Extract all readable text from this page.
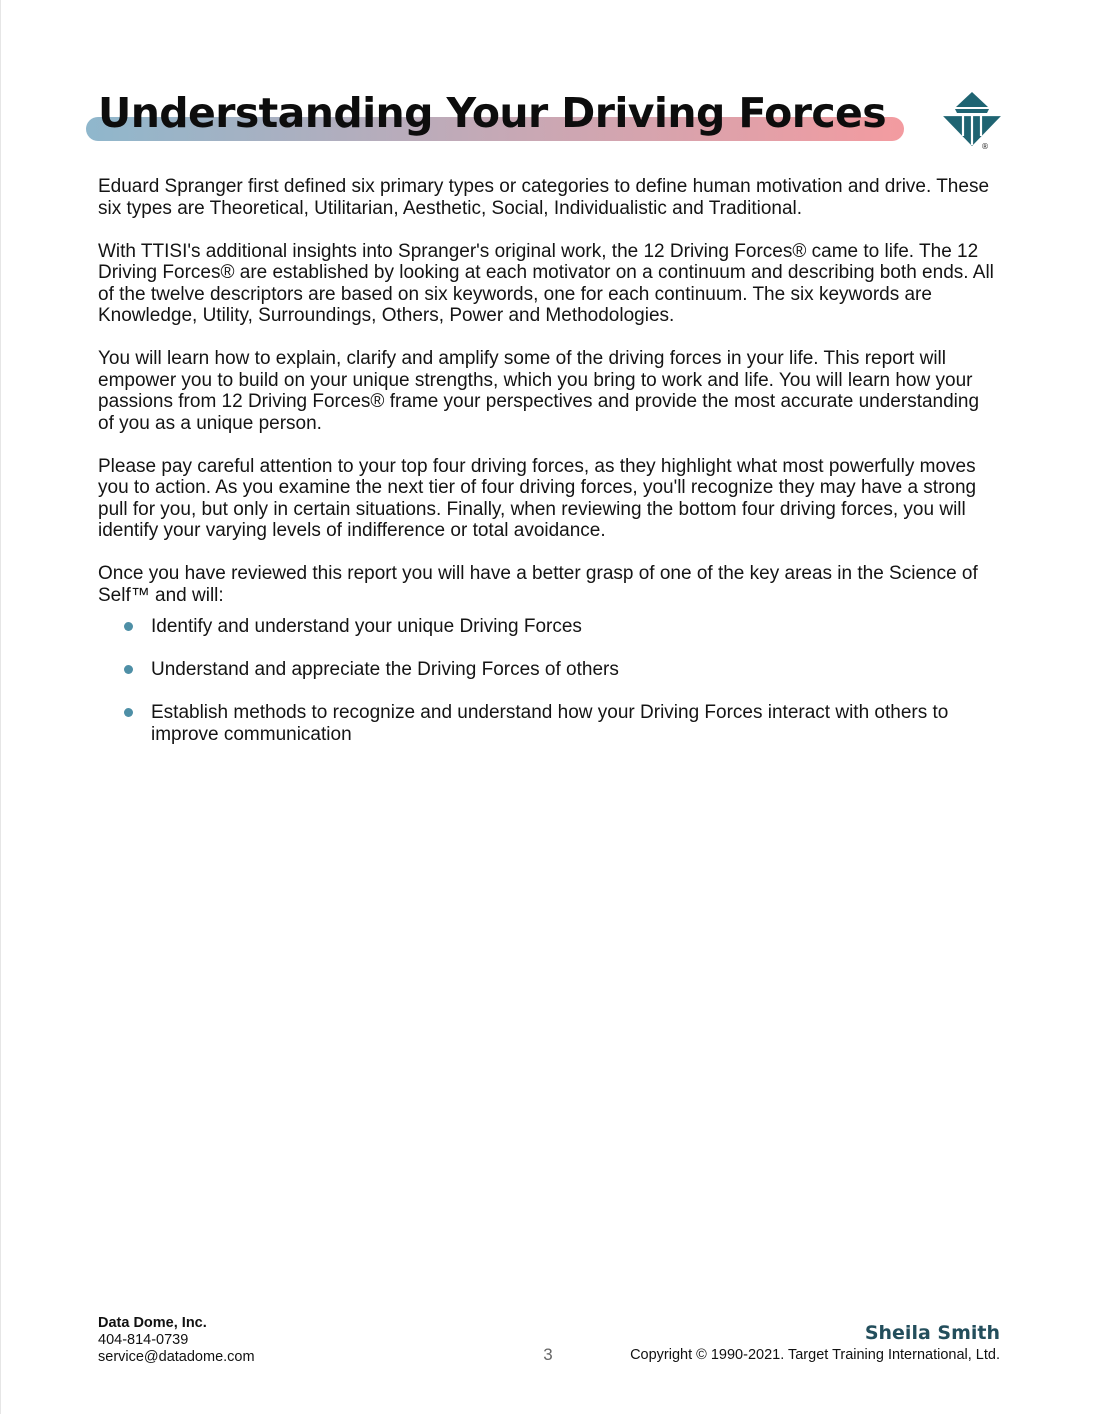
Understanding Your Driving Forces
®

Eduard Spranger first defined six primary types or categories to define human motivation and drive. These six types are Theoretical, Utilitarian, Aesthetic, Social, Individualistic and Traditional.

With TTISI's additional insights into Spranger's original work, the 12 Driving Forces® came to life. The 12 Driving Forces® are established by looking at each motivator on a continuum and describing both ends. All of the twelve descriptors are based on six keywords, one for each continuum. The six keywords are Knowledge, Utility, Surroundings, Others, Power and Methodologies.

You will learn how to explain, clarify and amplify some of the driving forces in your life. This report will empower you to build on your unique strengths, which you bring to work and life. You will learn how your passions from 12 Driving Forces® frame your perspectives and provide the most accurate understanding of you as a unique person.

Please pay careful attention to your top four driving forces, as they highlight what most powerfully moves you to action. As you examine the next tier of four driving forces, you'll recognize they may have a strong pull for you, but only in certain situations. Finally, when reviewing the bottom four driving forces, you will identify your varying levels of indifference or total avoidance.

Once you have reviewed this report you will have a better grasp of one of the key areas in the Science of Self™ and will:

Identify and understand your unique Driving Forces
Understand and appreciate the Driving Forces of others
Establish methods to recognize and understand how your Driving Forces interact with others to improve communication
Data Dome, Inc.
404-814-0739
service@datadome.com	3
Sheila Smith
Copyright © 1990-2021. Target Training International, Ltd.
